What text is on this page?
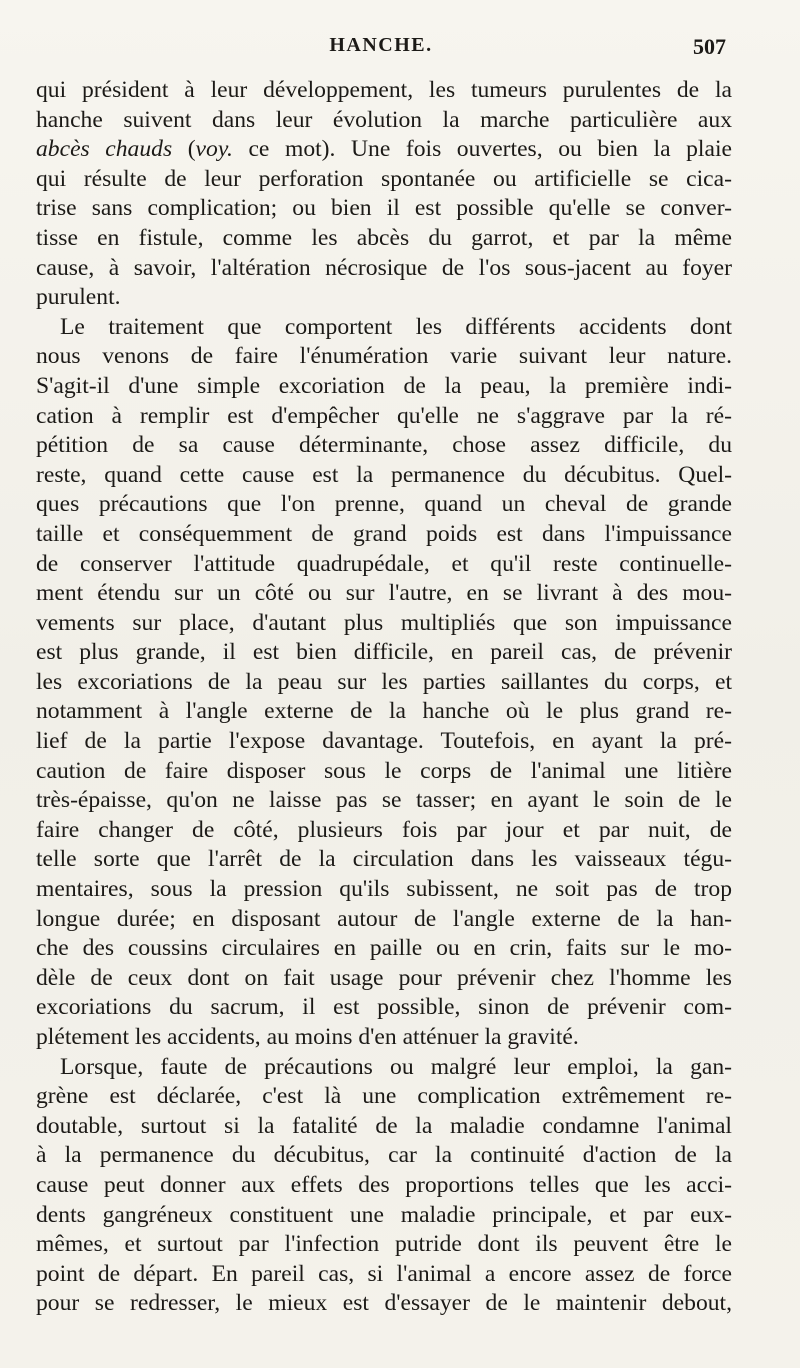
HANCHE.	507
qui président à leur développement, les tumeurs purulentes de la
hanche suivent dans leur évolution la marche particulière aux
abcès chauds (voy. ce mot). Une fois ouvertes, ou bien la plaie
qui résulte de leur perforation spontanée ou artificielle se cica-
trise sans complication; ou bien il est possible qu'elle se conver-
tisse en fistule, comme les abcès du garrot, et par la même
cause, à savoir, l'altération nécrosique de l'os sous-jacent au foyer
purulent.
Le traitement que comportent les différents accidents dont
nous venons de faire l'énumération varie suivant leur nature.
S'agit-il d'une simple excoriation de la peau, la première indi-
cation à remplir est d'empêcher qu'elle ne s'aggrave par la ré-
pétition de sa cause déterminante, chose assez difficile, du
reste, quand cette cause est la permanence du décubitus. Quel-
ques précautions que l'on prenne, quand un cheval de grande
taille et conséquemment de grand poids est dans l'impuissance
de conserver l'attitude quadrupédale, et qu'il reste continuelle-
ment étendu sur un côté ou sur l'autre, en se livrant à des mou-
vements sur place, d'autant plus multipliés que son impuissance
est plus grande, il est bien difficile, en pareil cas, de prévenir
les excoriations de la peau sur les parties saillantes du corps, et
notamment à l'angle externe de la hanche où le plus grand re-
lief de la partie l'expose davantage. Toutefois, en ayant la pré-
caution de faire disposer sous le corps de l'animal une litière
très-épaisse, qu'on ne laisse pas se tasser; en ayant le soin de le
faire changer de côté, plusieurs fois par jour et par nuit, de
telle sorte que l'arrêt de la circulation dans les vaisseaux tégu-
mentaires, sous la pression qu'ils subissent, ne soit pas de trop
longue durée; en disposant autour de l'angle externe de la han-
che des coussins circulaires en paille ou en crin, faits sur le mo-
dèle de ceux dont on fait usage pour prévenir chez l'homme les
excoriations du sacrum, il est possible, sinon de prévenir com-
plétement les accidents, au moins d'en atténuer la gravité.
Lorsque, faute de précautions ou malgré leur emploi, la gan-
grène est déclarée, c'est là une complication extrêmement re-
doutable, surtout si la fatalité de la maladie condamne l'animal
à la permanence du décubitus, car la continuité d'action de la
cause peut donner aux effets des proportions telles que les acci-
dents gangréneux constituent une maladie principale, et par eux-
mêmes, et surtout par l'infection putride dont ils peuvent être le
point de départ. En pareil cas, si l'animal a encore assez de force
pour se redresser, le mieux est d'essayer de le maintenir debout,
